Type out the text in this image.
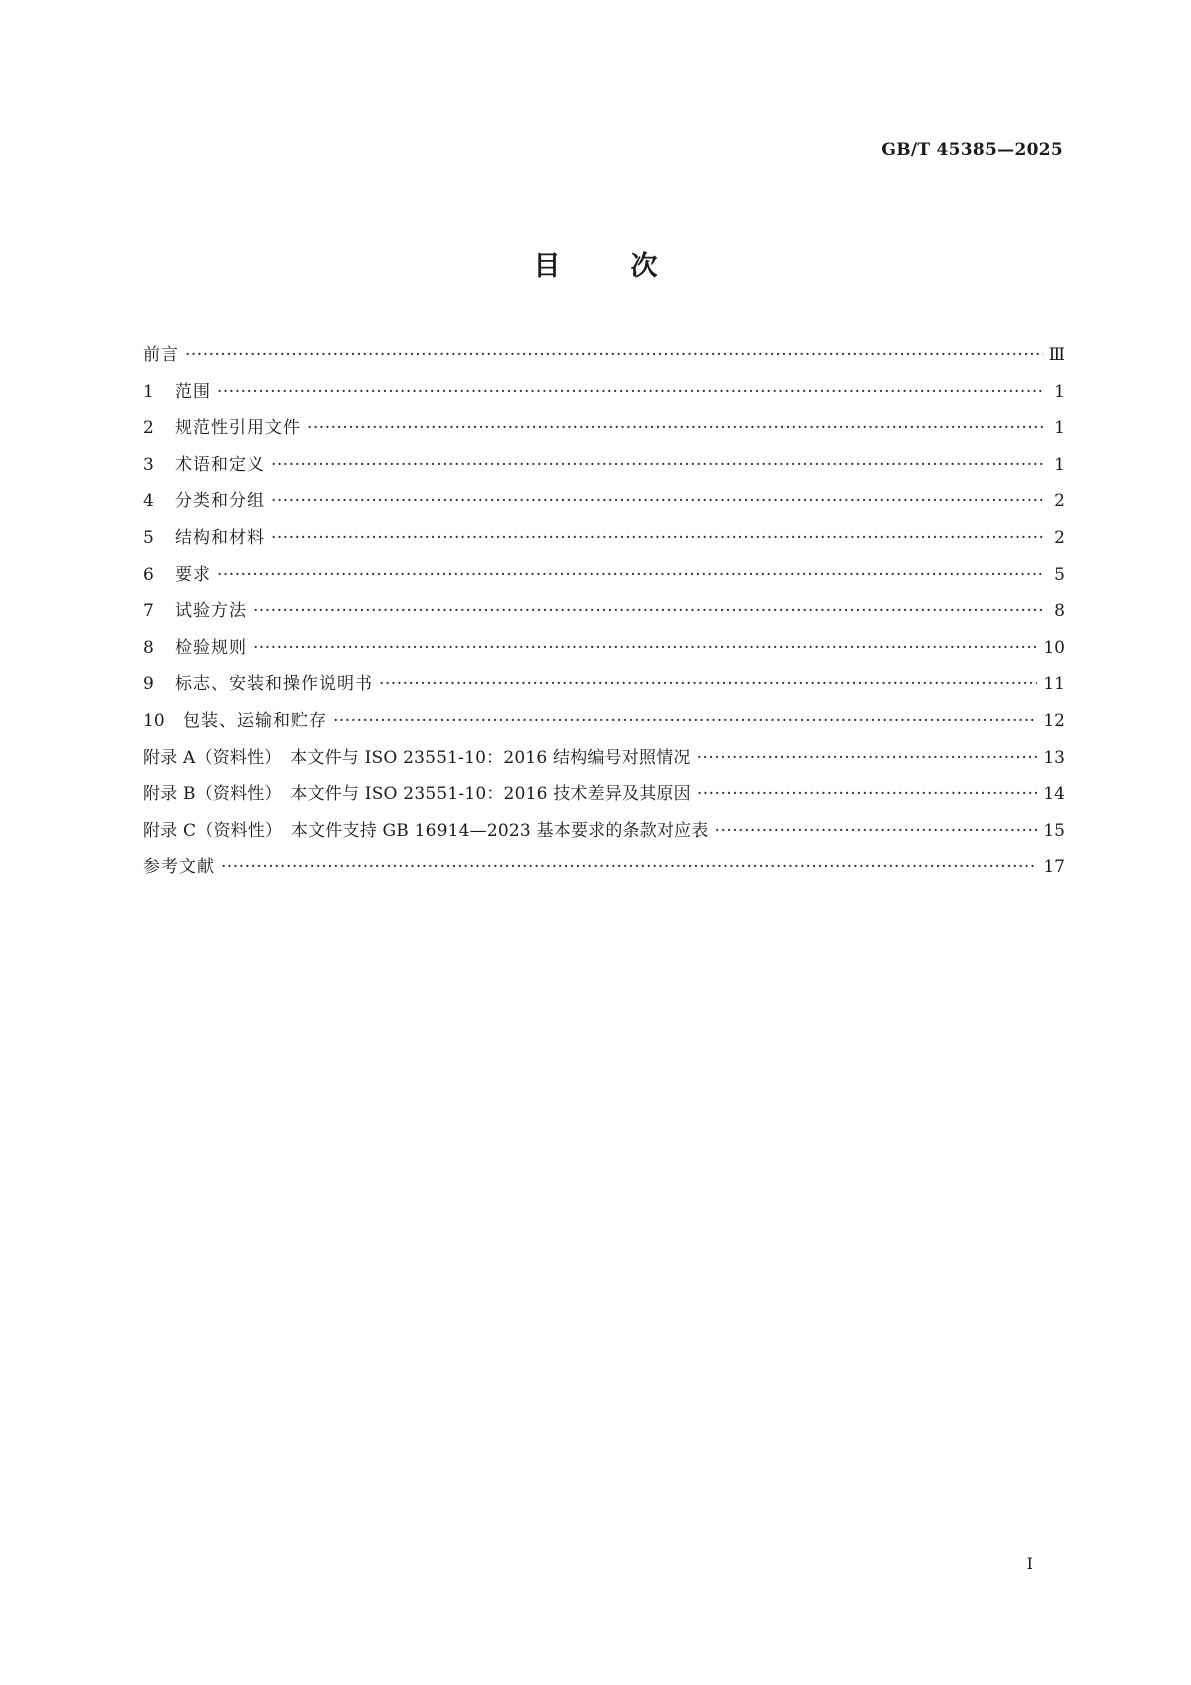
GB/T 45385—2025
目	次
前言 ·····	Ⅲ
1	范围 ·····	1
2	规范性引用文件 ·····	1
3	术语和定义 ·····	1
4	分类和分组 ·····	2
5	结构和材料 ·····	2
6	要求 ·····	5
7	试验方法 ·····	8
8	检验规则 ·····	10
9	标志、安装和操作说明书 ·····	11
10	包装、运输和贮存 ·····	12
附录 A（资料性）　本文件与 ISO 23551-10：2016 结构编号对照情况 ·····	13
附录 B（资料性）　本文件与 ISO 23551-10：2016 技术差异及其原因 ·····	14
附录 C（资料性）　本文件支持 GB 16914—2023 基本要求的条款对应表 ·····	15
参考文献 ·····	17
Ⅰ
